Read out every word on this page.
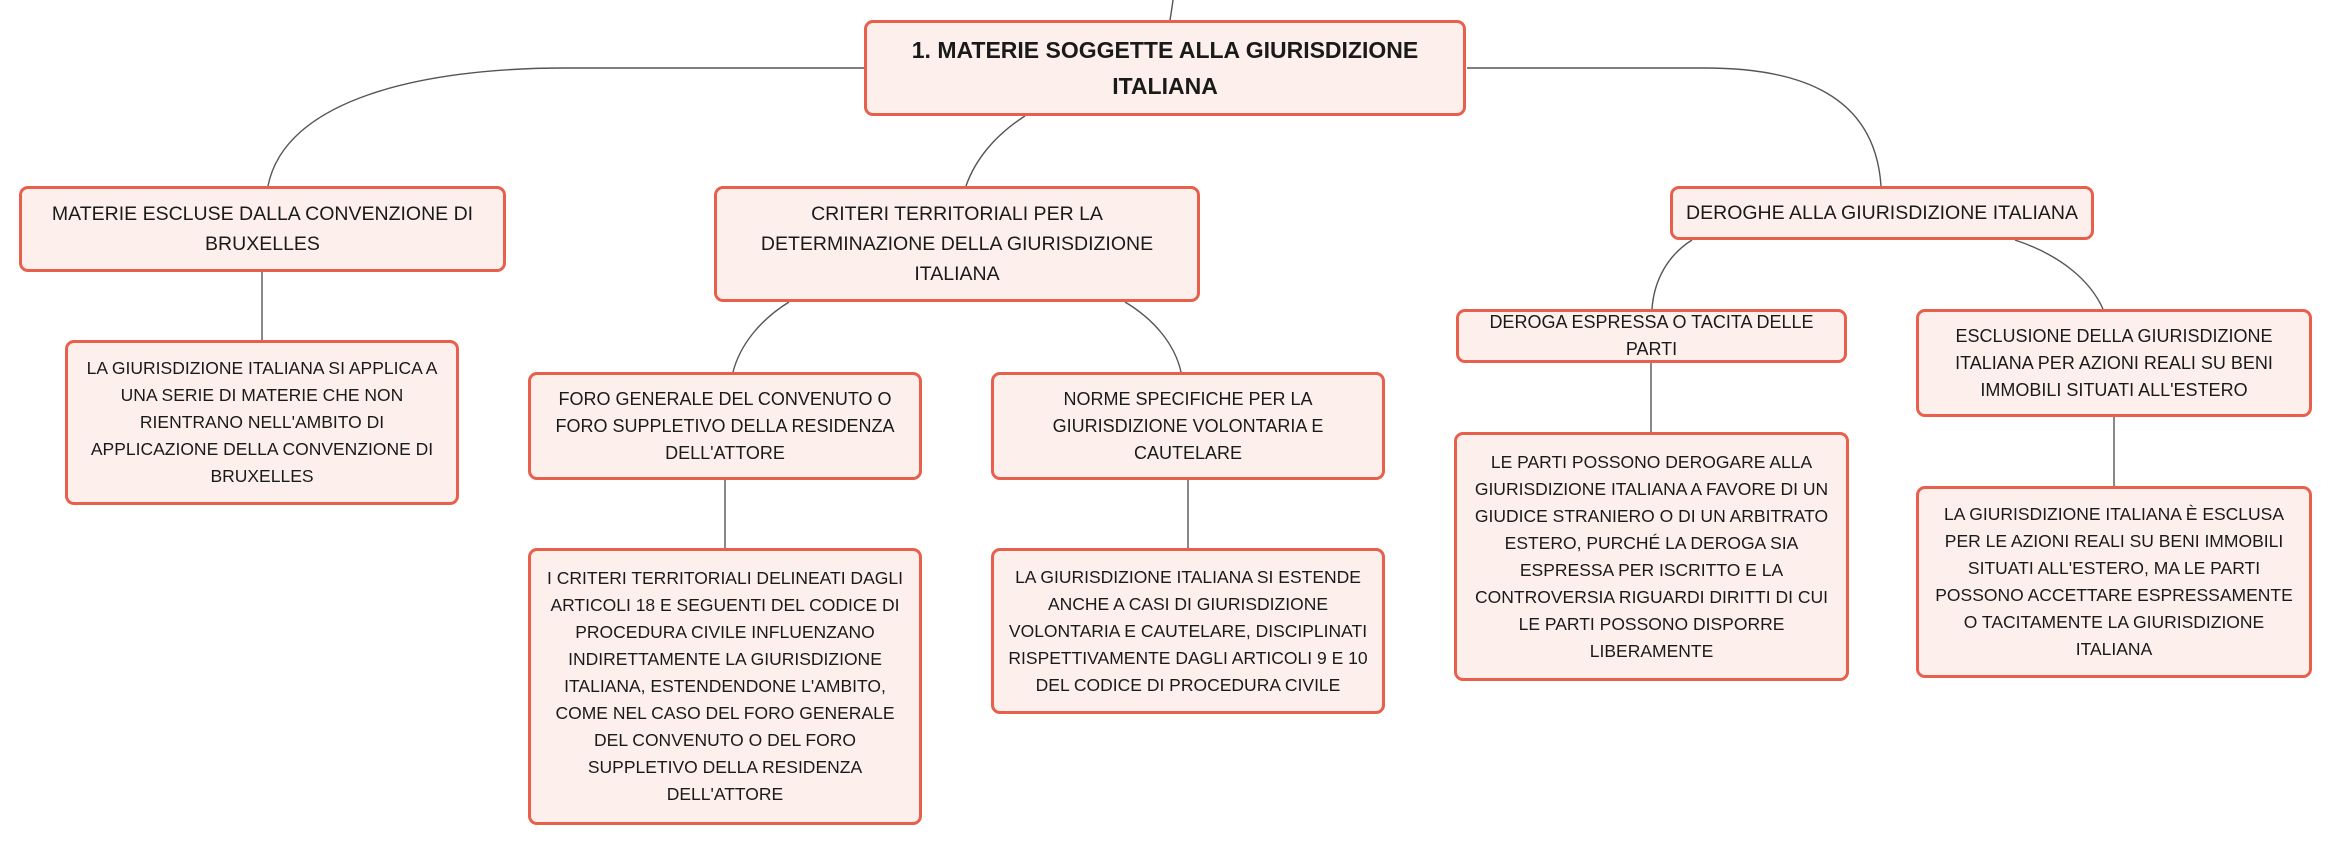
1. MATERIE SOGGETTE ALLA GIURISDIZIONE ITALIANA
MATERIE ESCLUSE DALLA CONVENZIONE DI BRUXELLES
LA GIURISDIZIONE ITALIANA SI APPLICA A UNA SERIE DI MATERIE CHE NON RIENTRANO NELL'AMBITO DI APPLICAZIONE DELLA CONVENZIONE DI BRUXELLES
CRITERI TERRITORIALI PER LA DETERMINAZIONE DELLA GIURISDIZIONE ITALIANA
FORO GENERALE DEL CONVENUTO O FORO SUPPLETIVO DELLA RESIDENZA DELL'ATTORE
I CRITERI TERRITORIALI DELINEATI DAGLI ARTICOLI 18 E SEGUENTI DEL CODICE DI PROCEDURA CIVILE INFLUENZANO INDIRETTAMENTE LA GIURISDIZIONE ITALIANA, ESTENDENDONE L'AMBITO, COME NEL CASO DEL FORO GENERALE DEL CONVENUTO O DEL FORO SUPPLETIVO DELLA RESIDENZA DELL'ATTORE
NORME SPECIFICHE PER LA GIURISDIZIONE VOLONTARIA E CAUTELARE
LA GIURISDIZIONE ITALIANA SI ESTENDE ANCHE A CASI DI GIURISDIZIONE VOLONTARIA E CAUTELARE, DISCIPLINATI RISPETTIVAMENTE DAGLI ARTICOLI 9 E 10 DEL CODICE DI PROCEDURA CIVILE
DEROGHE ALLA GIURISDIZIONE ITALIANA
DEROGA ESPRESSA O TACITA DELLE PARTI
LE PARTI POSSONO DEROGARE ALLA GIURISDIZIONE ITALIANA A FAVORE DI UN GIUDICE STRANIERO O DI UN ARBITRATO ESTERO, PURCHÉ LA DEROGA SIA ESPRESSA PER ISCRITTO E LA CONTROVERSIA RIGUARDI DIRITTI DI CUI LE PARTI POSSONO DISPORRE LIBERAMENTE
ESCLUSIONE DELLA GIURISDIZIONE ITALIANA PER AZIONI REALI SU BENI IMMOBILI SITUATI ALL'ESTERO
LA GIURISDIZIONE ITALIANA È ESCLUSA PER LE AZIONI REALI SU BENI IMMOBILI SITUATI ALL'ESTERO, MA LE PARTI POSSONO ACCETTARE ESPRESSAMENTE O TACITAMENTE LA GIURISDIZIONE ITALIANA
